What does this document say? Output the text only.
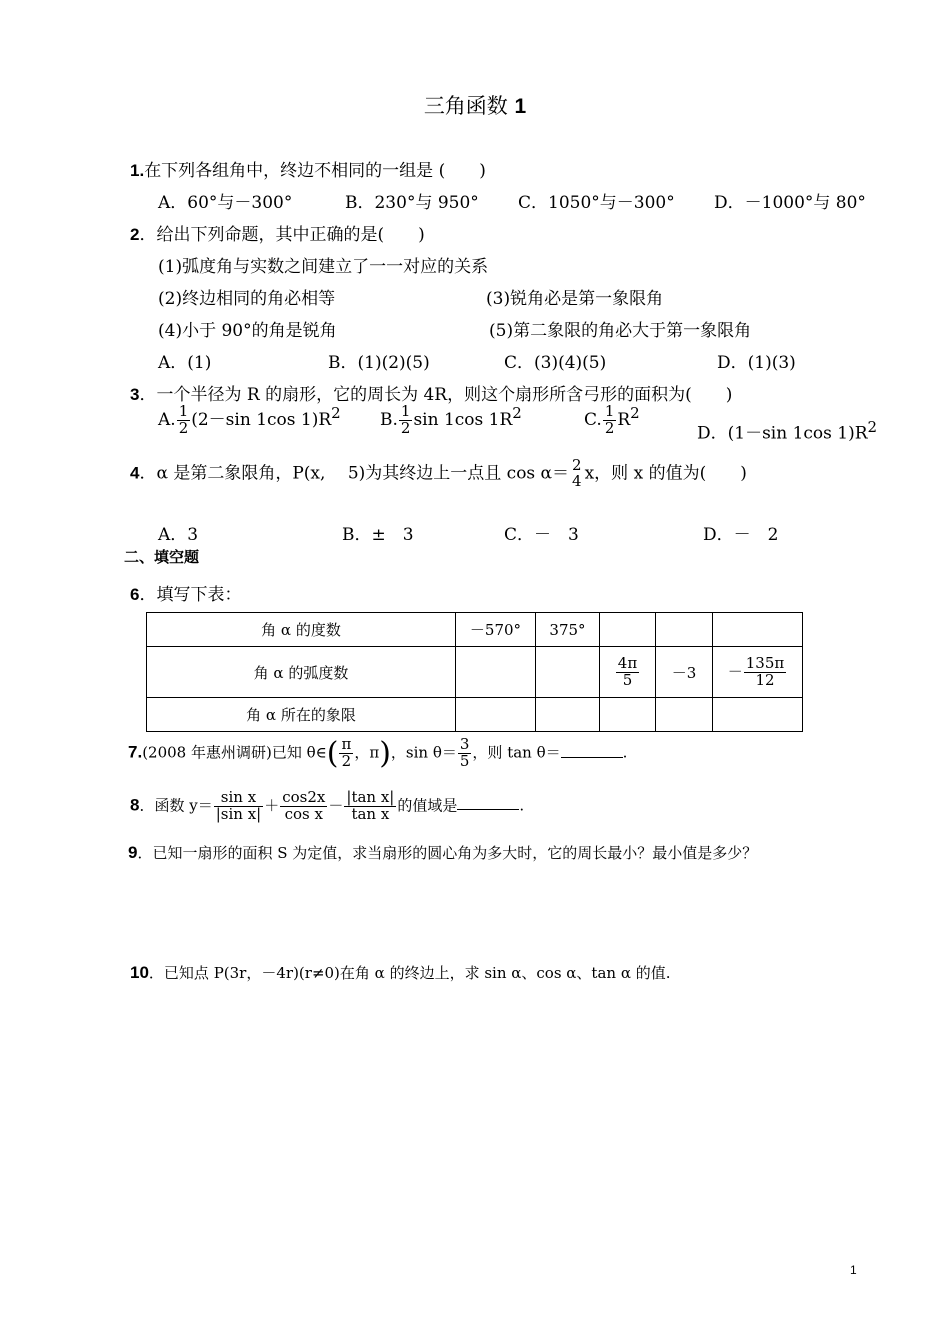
三角函数 1
1.在下列各组角中，终边不相同的一组是 (　　)
A．60°与－300°	B．230°与 950° C．1050°与－300° D．－1000°与 80°
2．给出下列命题，其中正确的是(　　)
(1)弧度角与实数之间建立了一一对应的关系
(2)终边相同的角必相等	(3)锐角必是第一象限角
(4)小于 90°的角是锐角	(5)第二象限的角必大于第一象限角
A．(1)	B．(1)(2)(5)	C．(3)(4)(5)	D．(1)(3)
3．一个半径为 R 的扇形，它的周长为 4R，则这个扇形所含弓形的面积为(　　)
A. $\frac{1}{2} (2-\sin$ 1cos $1)R^2$ B. $\frac{1}{2}$ sin 1cos $1R^2$	C. $\frac{1}{2} R^2$
D．(1－sin 1cos $1)R^2$
4．α 是第二象限角，P(x,　 5)为其终边上一点且 cos α＝ 2
4 x，则 x 的值为(　　)
A．3	B．±　3	C．－　3	D．－　2
二、填空题
6．填写下表：
角 α 的度数	－570°	375°			
角 α 的弧度数			$\frac{4\pi}{5}$	－3	－ $\frac{135\pi}{12}$

角 α 所在的象限					
7.(2008 年惠州调研)已知 θ∈( $\frac{\pi}{2}$ ，π)，$\sin \theta= \frac{3}{5}$ ，则 tan θ＝	.
8．函数 $y= \frac{\text{sin x}}{\text{|sin x|}} + \frac{\cos 2x}{\text{cos x}} - \frac{\text{|tan x|}}{\text{tan x}}$ 的值域是	.
9．已知一扇形的面积 S 为定值，求当扇形的圆心角为多大时，它的周长最小？最小值是多少？
10．已知点 P(3r，－4r)(r≠0)在角 α 的终边上，求 sin α、cos α、tan α 的值.
1
